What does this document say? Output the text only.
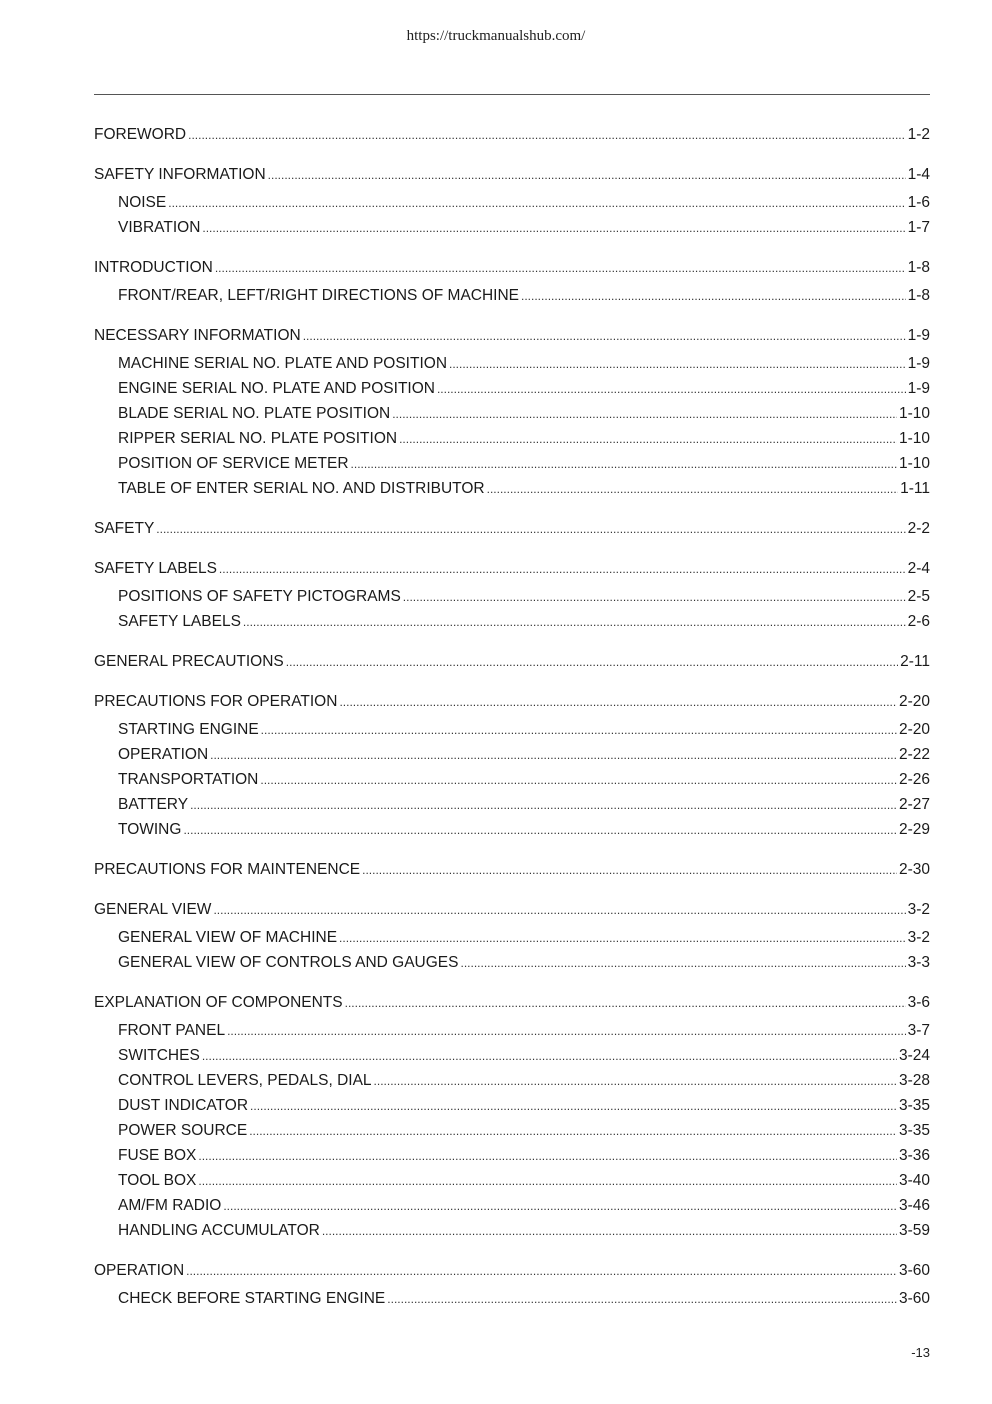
https://truckmanualshub.com/
FOREWORD .....	1-2
SAFETY INFORMATION .....	1-4
NOISE .....	1-6
VIBRATION .....	1-7
INTRODUCTION .....	1-8
FRONT/REAR, LEFT/RIGHT DIRECTIONS OF MACHINE .....	1-8
NECESSARY INFORMATION .....	1-9
MACHINE SERIAL NO. PLATE AND POSITION .....	1-9
ENGINE SERIAL NO. PLATE AND POSITION .....	1-9
BLADE SERIAL NO. PLATE POSITION .....	1-10
RIPPER SERIAL NO. PLATE POSITION .....	1-10
POSITION OF SERVICE METER .....	1-10
TABLE OF ENTER SERIAL NO. AND DISTRIBUTOR .....	1-11
SAFETY .....	2-2
SAFETY LABELS .....	2-4
POSITIONS OF SAFETY PICTOGRAMS .....	2-5
SAFETY LABELS .....	2-6
GENERAL PRECAUTIONS .....	2-11
PRECAUTIONS FOR OPERATION .....	2-20
STARTING ENGINE .....	2-20
OPERATION .....	2-22
TRANSPORTATION .....	2-26
BATTERY .....	2-27
TOWING .....	2-29
PRECAUTIONS FOR MAINTENENCE .....	2-30
GENERAL VIEW .....	3-2
GENERAL VIEW OF MACHINE .....	3-2
GENERAL VIEW OF CONTROLS AND GAUGES .....	3-3
EXPLANATION OF COMPONENTS .....	3-6
FRONT PANEL .....	3-7
SWITCHES .....	3-24
CONTROL LEVERS, PEDALS, DIAL .....	3-28
DUST INDICATOR .....	3-35
POWER SOURCE .....	3-35
FUSE BOX .....	3-36
TOOL BOX .....	3-40
AM/FM RADIO .....	3-46
HANDLING ACCUMULATOR .....	3-59
OPERATION .....	3-60
CHECK BEFORE STARTING ENGINE .....	3-60
-13
